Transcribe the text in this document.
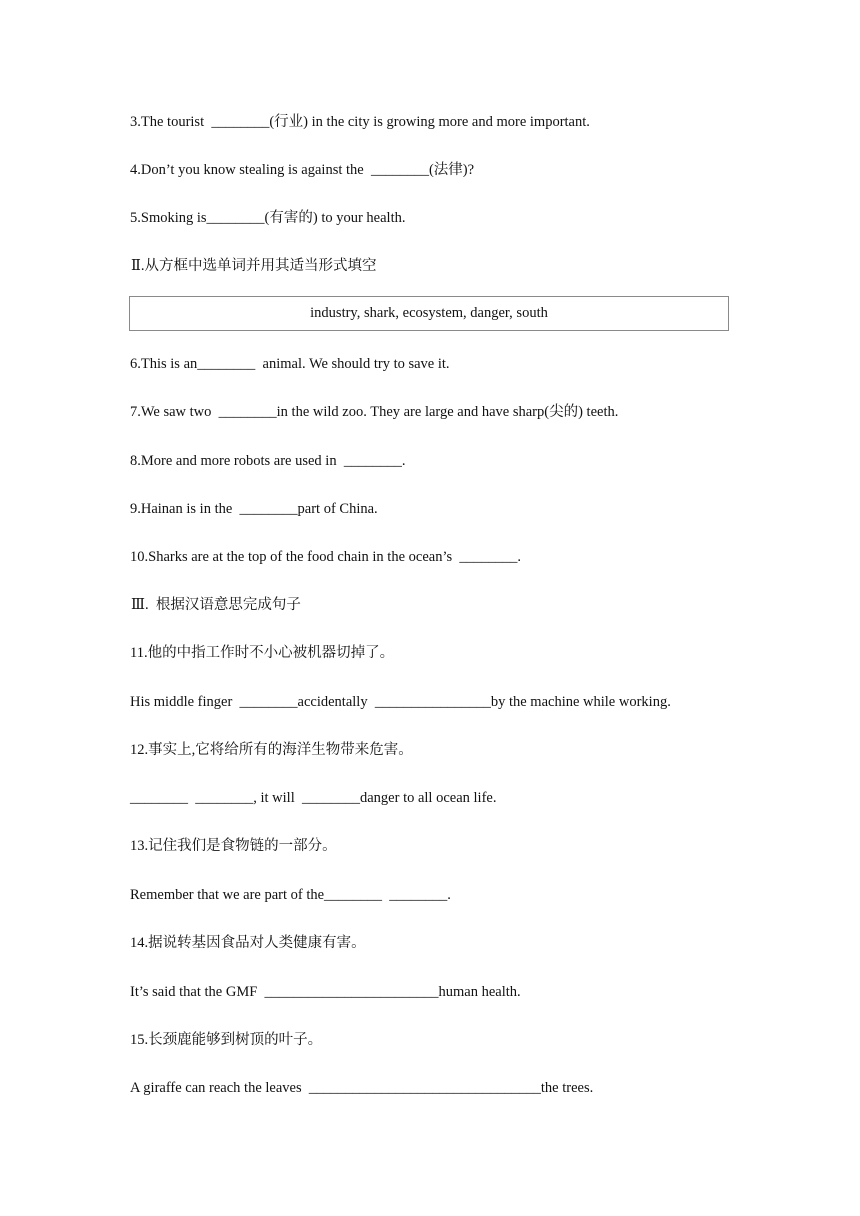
3.The tourist  ________(行业) in the city is growing more and more important.
4.Don’t you know stealing is against the  ________(法律)?
5.Smoking is________(有害的) to your health.
Ⅱ.从方框中选单词并用其适当形式填空
industry, shark, ecosystem, danger, south
6.This is an________  animal. We should try to save it.
7.We saw two  ________in the wild zoo. They are large and have sharp(尖的) teeth.
8.More and more robots are used in  ________.
9.Hainan is in the  ________part of China.
10.Sharks are at the top of the food chain in the ocean’s  ________.
Ⅲ.  根据汉语意思完成句子
11.他的中指工作时不小心被机器切掉了。
His middle finger  ________accidentally  ________________by the machine while working.
12.事实上,它将给所有的海洋生物带来危害。
________  ________, it will  ________danger to all ocean life.
13.记住我们是食物链的一部分。
Remember that we are part of the________  ________.
14.据说转基因食品对人类健康有害。
It’s said that the GMF  ________________________human health.
15.长颈鹿能够到树顶的叶子。
A giraffe can reach the leaves  ________________________________the trees.
